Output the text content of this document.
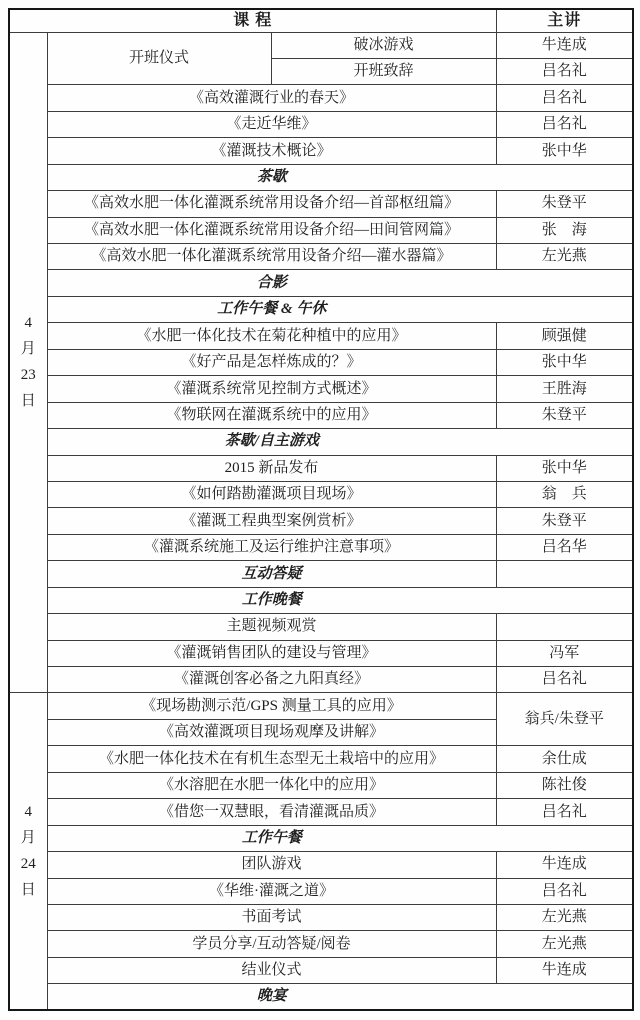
课 程			主讲

4
月
23
日	开班仪式	破冰游戏	牛连成
		开班致辞	吕名礼
	《高效灌溉行业的春天》		吕名礼
	《走近华维》		吕名礼
	《灌溉技术概论》		张中华
	茶歇		
	《高效水肥一体化灌溉系统常用设备介绍—首部枢纽篇》		朱登平
	《高效水肥一体化灌溉系统常用设备介绍—田间管网篇》		张　海
	《高效水肥一体化灌溉系统常用设备介绍—灌水器篇》		左光燕
	合影		
	工作午餐 & 午休		
	《水肥一体化技术在菊花种植中的应用》		顾强健
	《好产品是怎样炼成的？》		张中华
	《灌溉系统常见控制方式概述》		王胜海
	《物联网在灌溉系统中的应用》		朱登平
	茶歇/自主游戏		
	2015 新品发布		张中华
	《如何踏勘灌溉项目现场》		翁　兵
	《灌溉工程典型案例赏析》		朱登平
	《灌溉系统施工及运行维护注意事项》		吕名华
	互动答疑		
	工作晚餐		
	主题视频观赏		
	《灌溉销售团队的建设与管理》		冯军
	《灌溉创客必备之九阳真经》		吕名礼

4
月
24
日	《现场勘测示范/GPS 测量工具的应用》		翁兵/朱登平
	《高效灌溉项目现场观摩及讲解》		
	《水肥一体化技术在有机生态型无土栽培中的应用》		余仕成
	《水溶肥在水肥一体化中的应用》		陈社俊
	《借您一双慧眼，看清灌溉品质》		吕名礼
	工作午餐		
	团队游戏		牛连成
	《华维·灌溉之道》		吕名礼
	书面考试		左光燕
	学员分享/互动答疑/阅卷		左光燕
	结业仪式		牛连成
	晚宴		
